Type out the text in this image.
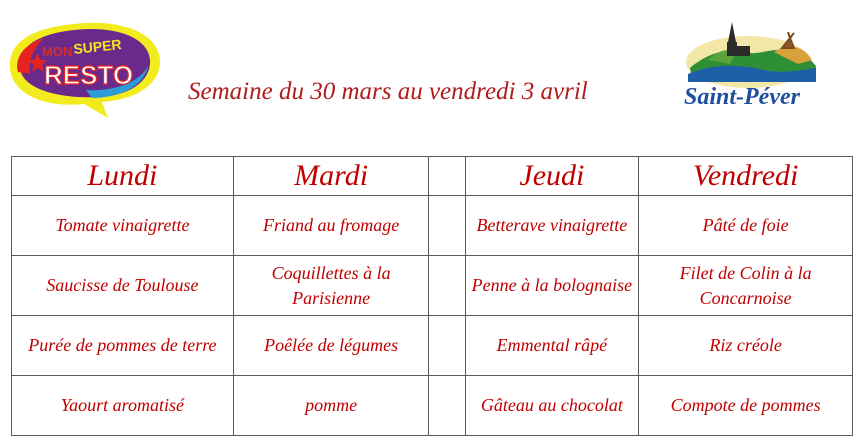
MON SUPER
RESTO
Saint-Péver
Semaine du 30 mars au vendredi 3 avril
Lundi	Mardi		Jeudi	Vendredi
Tomate vinaigrette	Friand au fromage		Betterave vinaigrette	Pâté de foie
Saucisse de Toulouse	Coquillettes à la Parisienne		Penne à la bolognaise	Filet de Colin à la Concarnoise
Purée de pommes de terre	Poêlée de légumes		Emmental râpé	Riz créole
Yaourt aromatisé	pomme		Gâteau au chocolat	Compote de pommes
